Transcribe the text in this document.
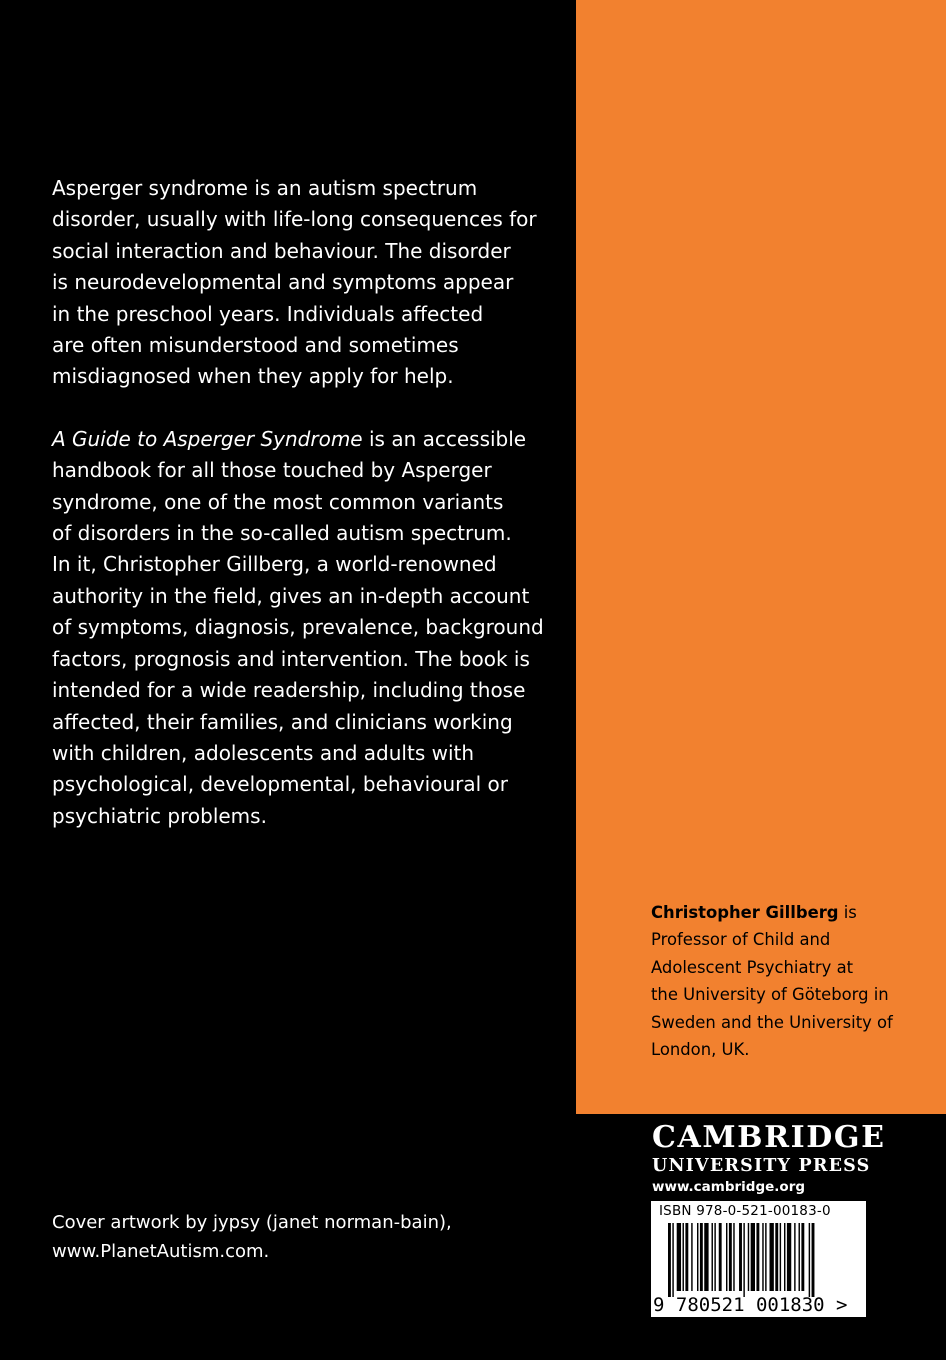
Asperger syndrome is an autism spectrum
disorder, usually with life-long consequences for
social interaction and behaviour. The disorder
is neurodevelopmental and symptoms appear
in the preschool years. Individuals affected
are often misunderstood and sometimes
misdiagnosed when they apply for help.

A Guide to Asperger Syndrome is an accessible
handbook for all those touched by Asperger
syndrome, one of the most common variants
of disorders in the so-called autism spectrum.
In it, Christopher Gillberg, a world-renowned
authority in the field, gives an in-depth account
of symptoms, diagnosis, prevalence, background
factors, prognosis and intervention. The book is
intended for a wide readership, including those
affected, their families, and clinicians working
with children, adolescents and adults with
psychological, developmental, behavioural or
psychiatric problems.

Christopher Gillberg is
Professor of Child and
Adolescent Psychiatry at
the University of Göteborg in
Sweden and the University of
London, UK.
Cover artwork by jypsy (janet norman-bain),
www.PlanetAutism.com.
CAMBRIDGE
UNIVERSITY PRESS
www.cambridge.org
ISBN 978-0-521-00183-0
9 780521 001830 >
